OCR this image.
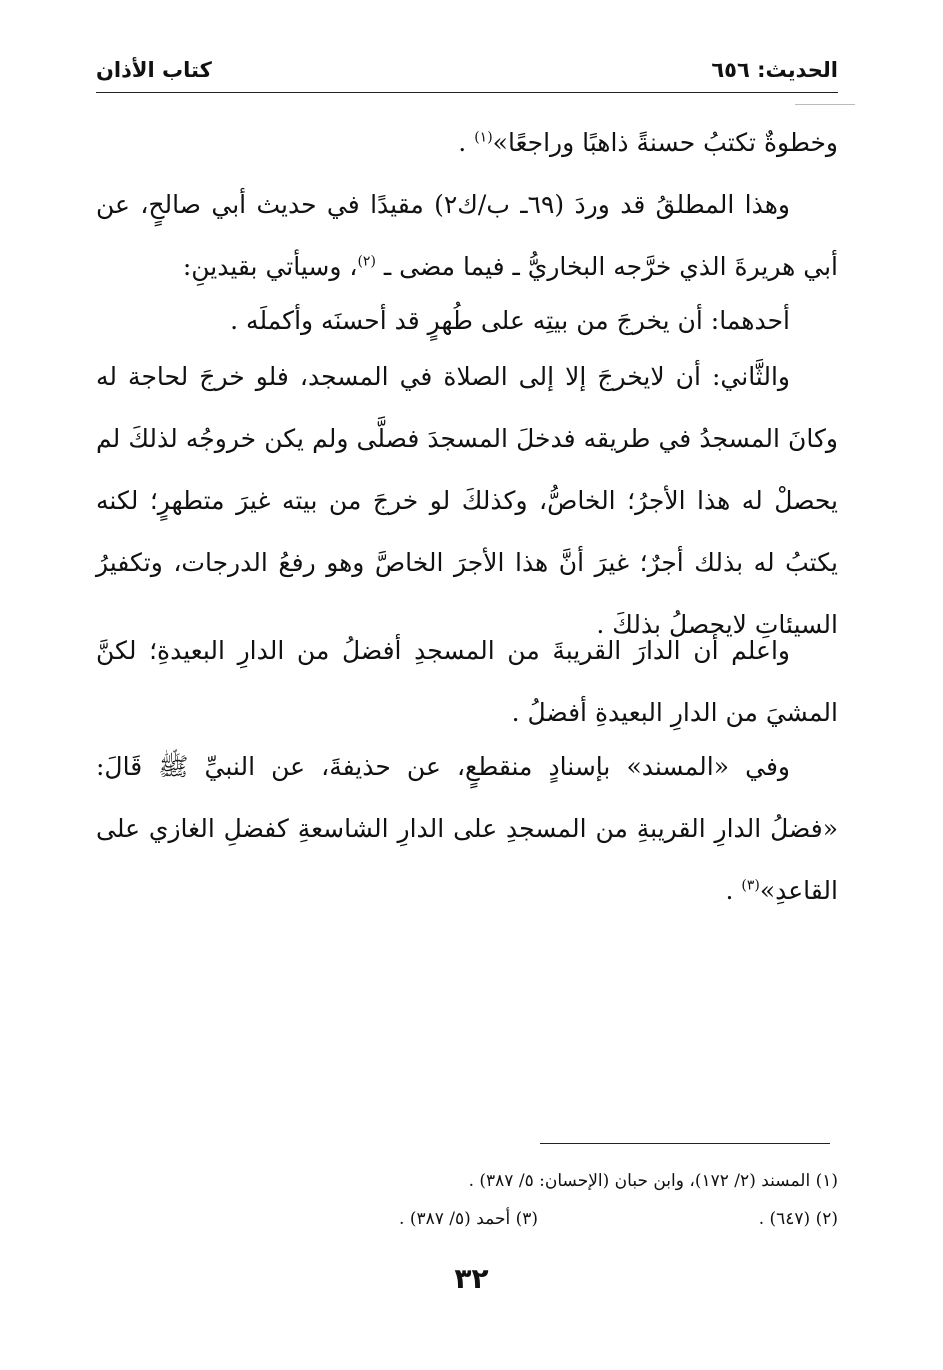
الحديث: ٦٥٦
كتاب الأذان

وخطوةٌ تكتبُ حسنةً ذاهبًا وراجعًا»$^{(١)}$ .

وهذا المطلقُ قد وردَ (٦٩ـ ب/ك٢) مقيدًا في حديث أبي صالحٍ، عن أبي هريرةَ الذي خرَّجه البخاريُّ ـ فيما مضى ـ $^{(٢)}$، وسيأتي بقيدينِ:

أحدهما: أن يخرجَ من بيتِه على طُهرٍ قد أحسنَه وأكملَه .

والثَّاني: أن لايخرجَ إلا إلى الصلاة في المسجد، فلو خرجَ لحاجة له وكانَ المسجدُ في طريقه فدخلَ المسجدَ فصلَّى ولم يكن خروجُه لذلكَ لم يحصلْ له هذا الأجرُ؛ الخاصُّ، وكذلكَ لو خرجَ من بيته غيرَ متطهرٍ؛ لكنه يكتبُ له بذلك أجرٌ؛ غيرَ أنَّ هذا الأجرَ الخاصَّ وهو رفعُ الدرجات، وتكفيرُ السيئاتِ لايحصلُ بذلكَ .

واعلم أن الدارَ القريبةَ من المسجدِ أفضلُ من الدارِ البعيدةِ؛ لكنَّ المشيَ من الدارِ البعيدةِ أفضلُ .

وفي «المسند» بإسنادٍ منقطعٍ، عن حذيفةَ، عن النبيِّ ﷺ قَالَ: «فضلُ الدارِ القريبةِ من المسجدِ على الدارِ الشاسعةِ كفضلِ الغازي على القاعدِ»$^{(٣)}$ .

(١) المسند (٢/ ١٧٢)، وابن حبان (الإحسان: ٥/ ٣٨٧) .
(٢) (٦٤٧) .
(٣) أحمد (٥/ ٣٨٧) .
٣٢
